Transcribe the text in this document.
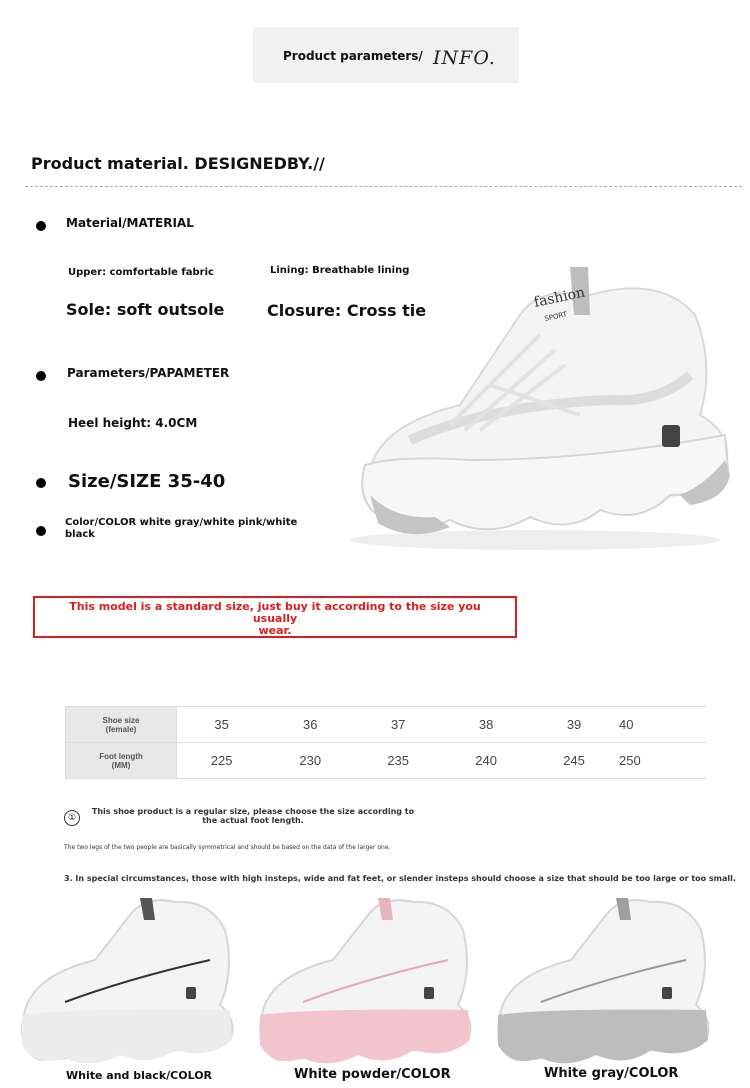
Product parameters/ INFO.
Product material. DESIGNEDBY.//
Material/MATERIAL
Upper: comfortable fabric	Lining: Breathable lining
Sole: soft outsole	Closure: Cross tie
Parameters/PAPAMETER
Heel height: 4.0CM
Size/SIZE 35-40
Color/COLOR white gray/white pink/white
black
fashion
SPORT
This model is a standard size, just buy it according to the size you usually
wear.
Shoe size
(female)	35	36	37	38	39	40

Foot length
(MM)	225	230	235	240	245	250
①
This shoe product is a regular size, please choose the size according to
the actual foot length.
The two legs of the two people are basically symmetrical and should be based on the data of the larger one.
3. In special circumstances, those with high insteps, wide and fat feet, or slender insteps should choose a size that should be too large or too small.
White and black/COLOR	White powder/COLOR	White gray/COLOR
